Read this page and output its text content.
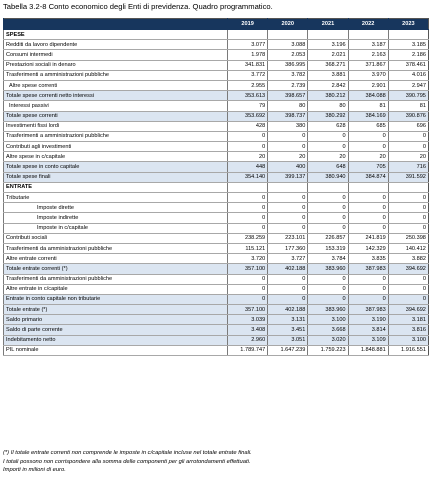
Tabella 3.2-8 Conto economico degli Enti di previdenza. Quadro programmatico.
	2019	2020	2021	2022	2023
SPESE					
Redditi da lavoro dipendente	3.077	3.088	3.196	3.187	3.185
Consumi intermedi	1.978	2.053	2.021	2.163	2.186
Prestazioni sociali in denaro	341.831	386.995	368.271	371.867	378.461
Trasferimenti a amministrazioni pubbliche	3.772	3.782	3.881	3.970	4.016
Altre spese correnti	2.955	2.739	2.842	2.901	2.947
Totale spese correnti netto interessi	353.613	398.657	380.212	384.088	390.795
Interessi passivi	79	80	80	81	81
Totale spese correnti	353.692	398.737	380.292	384.169	390.876
Investimenti fissi lordi	428	380	628	685	696
Trasferimenti a amministrazioni pubbliche	0	0	0	0	0
Contributi agli investimenti	0	0	0	0	0
Altre spese in c/capitale	20	20	20	20	20
Totale spese in conto capitale	448	400	648	705	716
Totale spese finali	354.140	399.137	380.940	384.874	391.592
ENTRATE					
Tributarie	0	0	0	0	0
Imposte dirette	0	0	0	0	0
Imposte indirette	0	0	0	0	0
Imposte in c/capitale	0	0	0	0	0
Contributi sociali	238.259	223.101	226.857	241.819	250.398
Trasferimenti da amministrazioni pubbliche	115.121	177.360	153.319	142.329	140.412
Altre entrate correnti	3.720	3.727	3.784	3.835	3.882
Totale entrate correnti (*)	357.100	402.188	383.960	387.983	394.692
Trasferimenti da amministrazioni pubbliche	0	0	0	0	0
Altre entrate in c/capitale	0	0	0	0	0
Entrate in conto capitale non tributarie	0	0	0	0	0
Totale entrate (*)	357.100	402.188	383.960	387.983	394.692
Saldo primario	3.039	3.131	3.100	3.190	3.181
Saldo di parte corrente	3.408	3.451	3.668	3.814	3.816
Indebitamento netto	2.960	3.051	3.020	3.109	3.100
PIL nominale	1.789.747	1.647.239	1.759.223	1.848.881	1.916.551
(*) Il totale entrate correnti non comprende le imposte in c/capitale incluse nel totale entrate finali.
I totali possono non corrispondere alla somma delle componenti per gli arrotondamenti effettuati.
Importi in milioni di euro.
